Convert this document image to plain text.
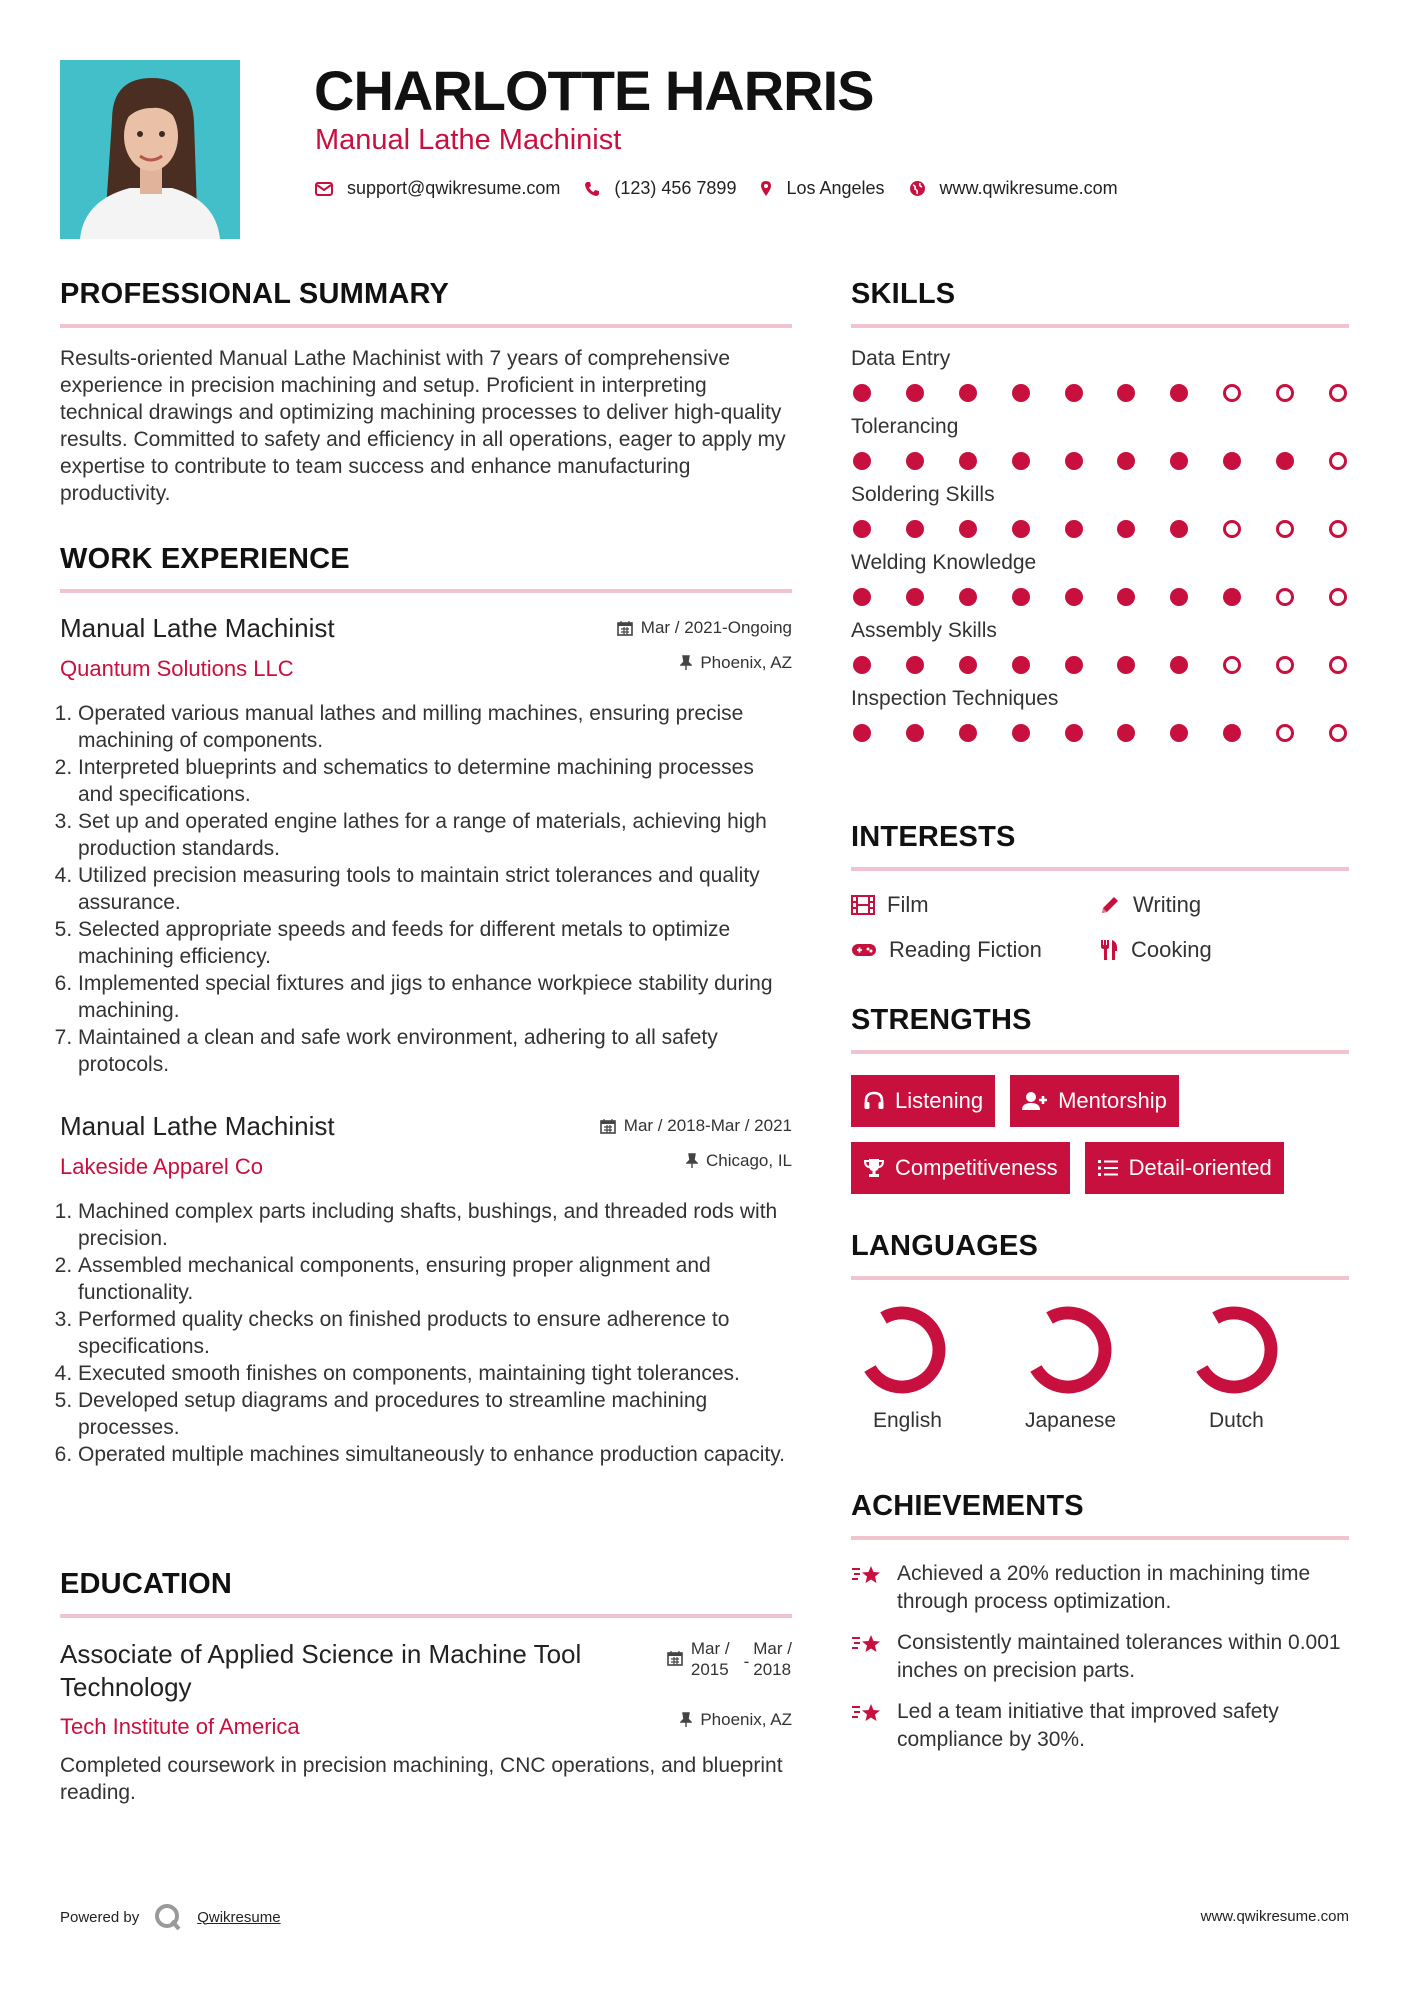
CHARLOTTE HARRIS
Manual Lathe Machinist
support@qwikresume.com	(123) 456 7899	Los Angeles	www.qwikresume.com
PROFESSIONAL SUMMARY
Results-oriented Manual Lathe Machinist with 7 years of comprehensive experience in precision machining and setup. Proficient in interpreting technical drawings and optimizing machining processes to deliver high-quality results. Committed to safety and efficiency in all operations, eager to apply my expertise to contribute to team success and enhance manufacturing productivity.
WORK EXPERIENCE
Mar / 2021-Ongoing
Phoenix, AZ
Manual Lathe Machinist
Quantum Solutions LLC
1. Operated various manual lathes and milling machines, ensuring precise machining of components.
2. Interpreted blueprints and schematics to determine machining processes and specifications.
3. Set up and operated engine lathes for a range of materials, achieving high production standards.
4. Utilized precision measuring tools to maintain strict tolerances and quality assurance.
5. Selected appropriate speeds and feeds for different metals to optimize machining efficiency.
6. Implemented special fixtures and jigs to enhance workpiece stability during machining.
7. Maintained a clean and safe work environment, adhering to all safety protocols.
Mar / 2018-Mar / 2021
Chicago, IL
Manual Lathe Machinist
Lakeside Apparel Co
1. Machined complex parts including shafts, bushings, and threaded rods with precision.
2. Assembled mechanical components, ensuring proper alignment and functionality.
3. Performed quality checks on finished products to ensure adherence to specifications.
4. Executed smooth finishes on components, maintaining tight tolerances.
5. Developed setup diagrams and procedures to streamline machining processes.
6. Operated multiple machines simultaneously to enhance production capacity.
EDUCATION
Mar /
2015 -
Mar /
2018
Phoenix, AZ
Associate of Applied Science in Machine Tool Technology
Tech Institute of America
Completed coursework in precision machining, CNC operations, and blueprint reading.
SKILLS
Data Entry
Tolerancing
Soldering Skills
Welding Knowledge
Assembly Skills
Inspection Techniques
INTERESTS
Film	Writing
Reading Fiction	Cooking
STRENGTHS
Listening	Mentorship
Competitiveness	Detail-oriented
LANGUAGES
English	Japanese	Dutch
ACHIEVEMENTS
Achieved a 20% reduction in machining time through process optimization.
Consistently maintained tolerances within 0.001 inches on precision parts.
Led a team initiative that improved safety compliance by 30%.
Powered by	Qwikresume	www.qwikresume.com
